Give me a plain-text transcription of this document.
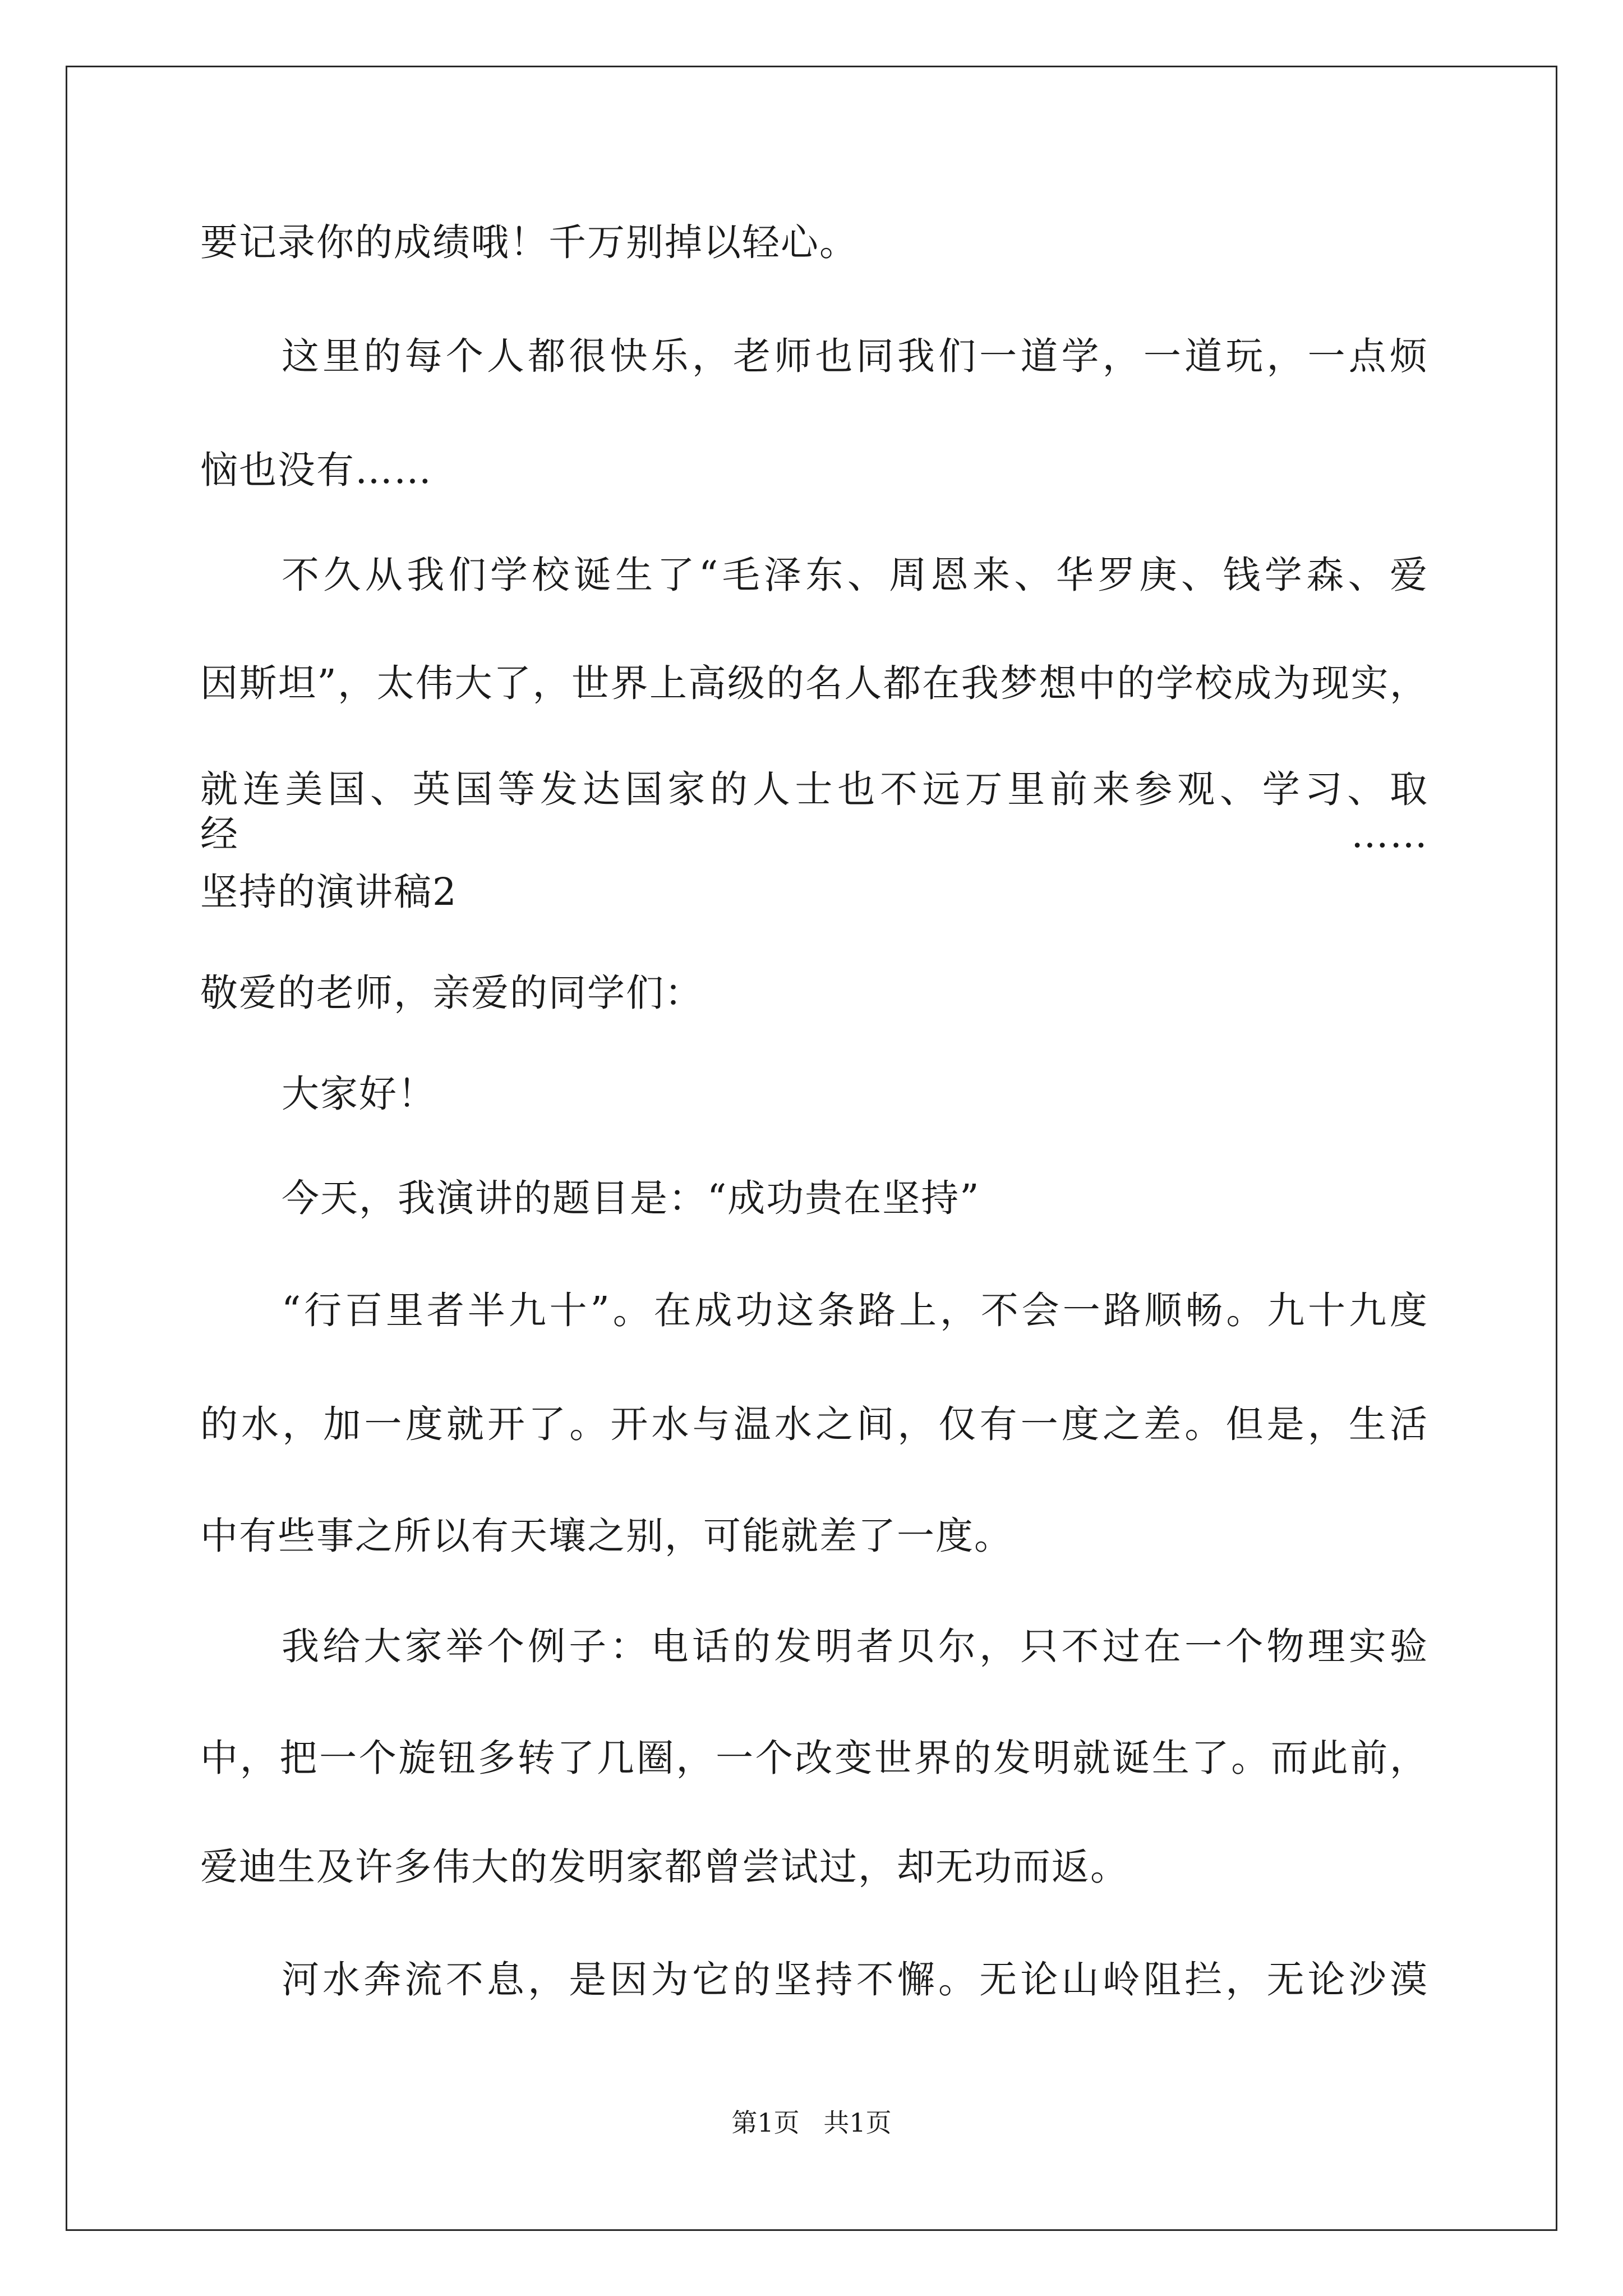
要记录你的成绩哦！千万别掉以轻心。
这里的每个人都很快乐，老师也同我们一道学，一道玩，一点烦
恼也没有……
不久从我们学校诞生了“毛泽东、周恩来、华罗庚、钱学森、爱
因斯坦”，太伟大了，世界上高级的名人都在我梦想中的学校成为现实，
就连美国、英国等发达国家的人士也不远万里前来参观、学习、取经……
坚持的演讲稿2
敬爱的老师，亲爱的同学们：
大家好！
今天，我演讲的题目是：“成功贵在坚持”
“行百里者半九十”。在成功这条路上，不会一路顺畅。九十九度
的水，加一度就开了。开水与温水之间，仅有一度之差。但是，生活
中有些事之所以有天壤之别，可能就差了一度。
我给大家举个例子：电话的发明者贝尔，只不过在一个物理实验
中，把一个旋钮多转了几圈，一个改变世界的发明就诞生了。而此前，
爱迪生及许多伟大的发明家都曾尝试过，却无功而返。
河水奔流不息，是因为它的坚持不懈。无论山岭阻拦，无论沙漠
第1页 共1页
